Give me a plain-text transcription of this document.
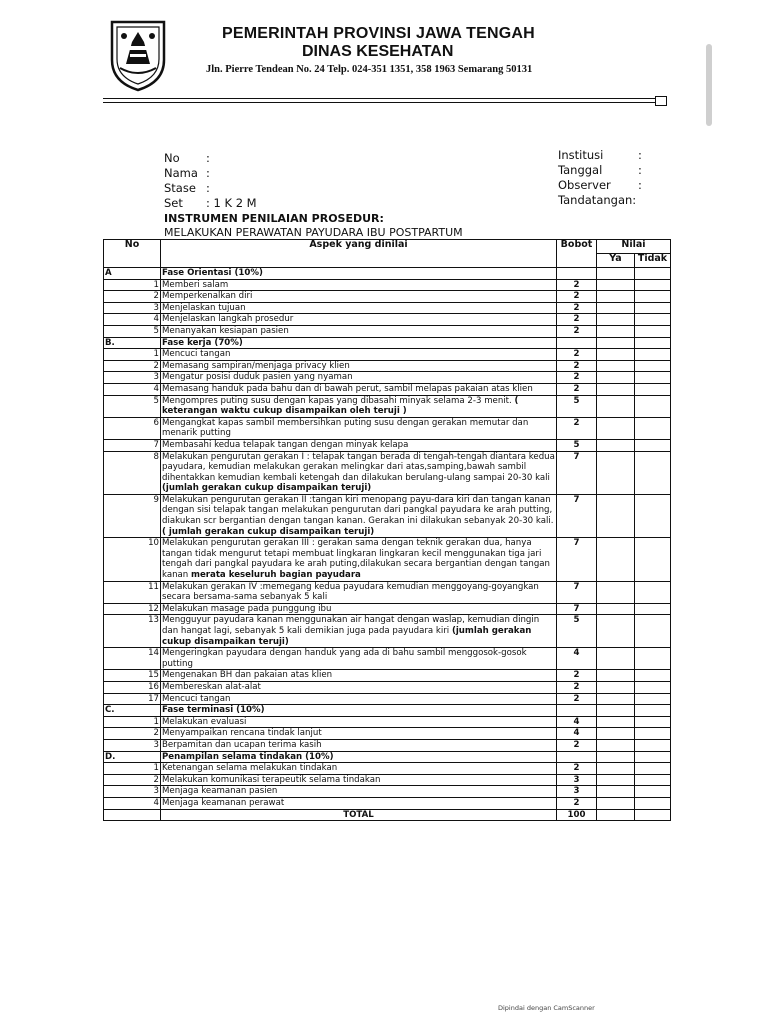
PEMERINTAH PROVINSI JAWA TENGAH
DINAS KESEHATAN
Jln. Pierre Tendean No. 24 Telp. 024-351 1351, 358 1963 Semarang 50131
No :
Nama :
Stase :
Set : 1 K 2 M
Institusi	:
Tanggal	:
Observer :
Tandatangan:
INSTRUMEN PENILAIAN PROSEDUR:
MELAKUKAN PERAWATAN PAYUDARA IBU POSTPARTUM
No	Aspek yang dinilai	Bobot	Nilai	
			Ya	Tidak
A	Fase Orientasi (10%)			
1	Memberi salam	2		
2	Memperkenalkan diri	2		
3	Menjelaskan tujuan	2		
4	Menjelaskan langkah prosedur	2		
5	Menanyakan kesiapan pasien	2		
B.	Fase kerja (70%)			
1	Mencuci tangan	2		
2	Memasang sampiran/menjaga privacy klien	2		
3	Mengatur posisi duduk pasien yang nyaman	2		
4	Memasang handuk pada bahu dan di bawah perut, sambil melapas pakaian atas klien	2		
5	Mengompres puting susu dengan kapas yang dibasahi minyak selama 2-3 menit. ( keterangan waktu cukup disampaikan oleh teruji )	5		
6	Mengangkat kapas sambil membersihkan puting susu dengan gerakan memutar dan menarik putting	2		
7	Membasahi kedua telapak tangan dengan minyak kelapa	5		
8	Melakukan pengurutan gerakan I : telapak tangan berada di tengah-tengah diantara kedua payudara, kemudian melakukan gerakan melingkar dari atas,samping,bawah sambil dihentakkan kemudian kembali ketengah dan dilakukan berulang-ulang sampai 20-30 kali (jumlah gerakan cukup disampaikan teruji)	7		
9	Melakukan pengurutan gerakan II :tangan kiri menopang payu-dara kiri dan tangan kanan dengan sisi telapak tangan melakukan pengurutan dari pangkal payudara ke arah putting, diakukan scr bergantian dengan tangan kanan. Gerakan ini dilakukan sebanyak 20-30 kali. ( jumlah gerakan cukup disampaikan teruji)	7		
10	Melakukan pengurutan gerakan III : gerakan sama dengan teknik gerakan dua, hanya tangan tidak mengurut tetapi membuat lingkaran lingkaran kecil menggunakan tiga jari tengah dari pangkal payudara ke arah puting,dilakukan secara bergantian dengan tangan kanan merata keseluruh bagian payudara	7		
11	Melakukan gerakan IV :memegang kedua payudara kemudian menggoyang-goyangkan secara bersama-sama sebanyak 5 kali	7		
12	Melakukan masage pada punggung ibu	7		
13	Mengguyur payudara kanan menggunakan air hangat dengan waslap, kemudian dingin dan hangat lagi, sebanyak 5 kali demikian juga pada payudara kiri (jumlah gerakan cukup disampaikan teruji)	5		
14	Mengeringkan payudara dengan handuk yang ada di bahu sambil menggosok-gosok putting	4		
15	Mengenakan BH dan pakaian atas klien	2		
16	Membereskan alat-alat	2		
17	Mencuci tangan	2		
C.	Fase terminasi (10%)			
1	Melakukan evaluasi	4		
2	Menyampaikan rencana tindak lanjut	4		
3	Berpamitan dan ucapan terima kasih	2		
D.	Penampilan selama tindakan (10%)			
1	Ketenangan selama melakukan tindakan	2		
2	Melakukan komunikasi terapeutik selama tindakan	3		
3	Menjaga keamanan pasien	3		
4	Menjaga keamanan perawat	2		
	TOTAL	100		
Dipindai dengan CamScanner
